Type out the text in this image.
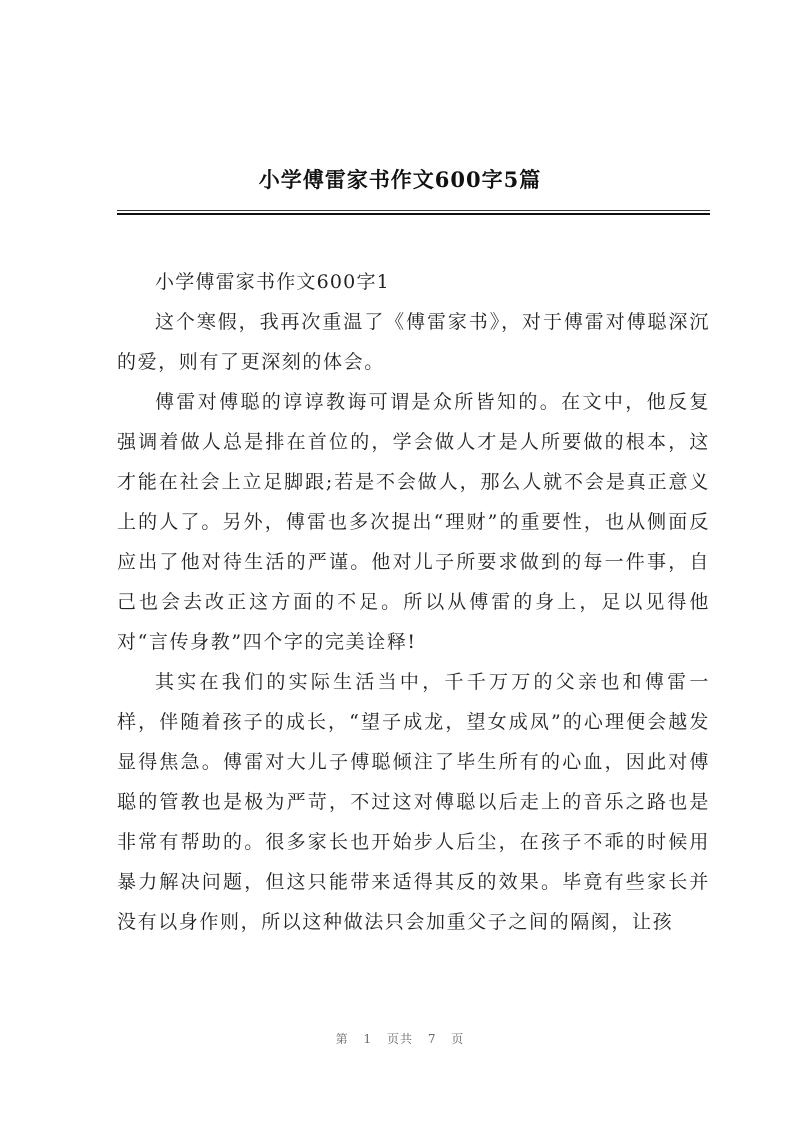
小学傅雷家书作文600字5篇

小学傅雷家书作文600字1

这个寒假，我再次重温了《傅雷家书》，对于傅雷对傅聪深沉的爱，则有了更深刻的体会。

傅雷对傅聪的谆谆教诲可谓是众所皆知的。在文中，他反复强调着做人总是排在首位的，学会做人才是人所要做的根本，这才能在社会上立足脚跟;若是不会做人，那么人就不会是真正意义上的人了。另外，傅雷也多次提出“理财”的重要性，也从侧面反应出了他对待生活的严谨。他对儿子所要求做到的每一件事，自己也会去改正这方面的不足。所以从傅雷的身上，足以见得他对“言传身教”四个字的完美诠释!

其实在我们的实际生活当中，千千万万的父亲也和傅雷一样，伴随着孩子的成长，“望子成龙，望女成凤”的心理便会越发显得焦急。傅雷对大儿子傅聪倾注了毕生所有的心血，因此对傅聪的管教也是极为严苛，不过这对傅聪以后走上的音乐之路也是非常有帮助的。很多家长也开始步人后尘，在孩子不乖的时候用暴力解决问题，但这只能带来适得其反的效果。毕竟有些家长并没有以身作则，所以这种做法只会加重父子之间的隔阂，让孩

第 1 页共 7 页
